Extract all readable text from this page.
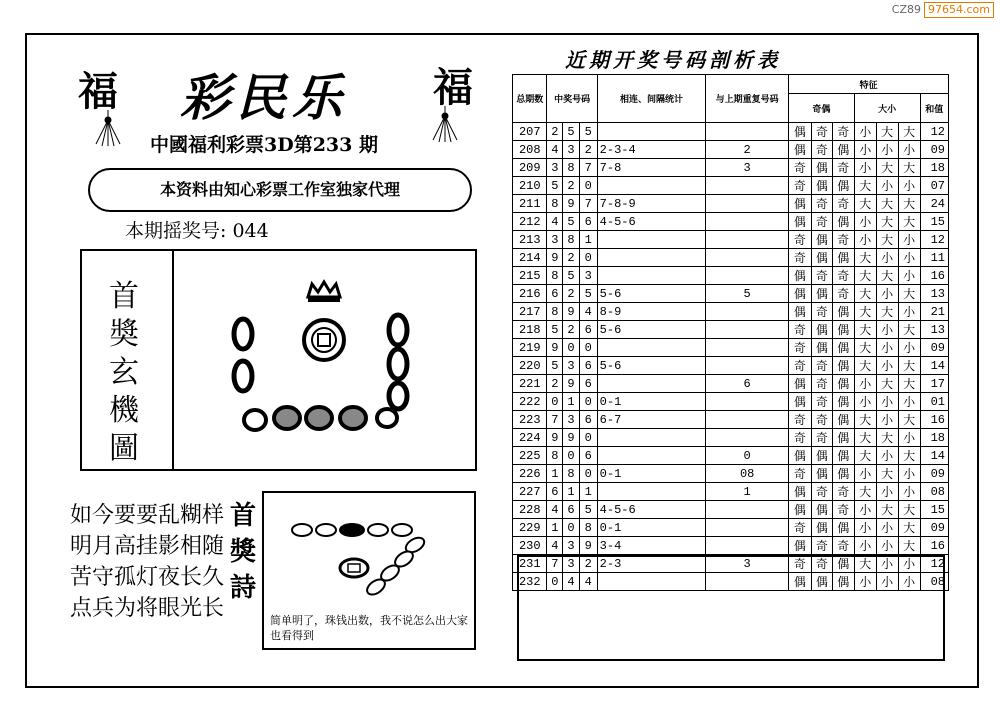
CZ89 97654.com
福	福
彩民乐
中國福利彩票3D第233 期
本资料由知心彩票工作室独家代理
本期摇奖号: 044
首
奬
玄
機
圖
如今要要乱糊样
明月高挂影相随
苦守孤灯夜长久
点兵为将眼光长
首
獎
詩
简单明了，珠钱出数，我不说怎么出大家也看得到
近期开奖号码剖析表
总期数	中奖号码			相连、间隔统计	与上期重复号码	特征						
						奇偶			大小			和值

207	2	5	5			偶	奇	奇	小	大	大	12
208	4	3	2	2-3-4	2	偶	奇	偶	小	小	小	09
209	3	8	7	7-8	3	奇	偶	奇	小	大	大	18
210	5	2	0			奇	偶	偶	大	小	小	07
211	8	9	7	7-8-9		偶	奇	奇	大	大	大	24
212	4	5	6	4-5-6		偶	奇	偶	小	大	大	15
213	3	8	1			奇	偶	奇	小	大	小	12
214	9	2	0			奇	偶	偶	大	小	小	11
215	8	5	3			偶	奇	奇	大	大	小	16
216	6	2	5	5-6	5	偶	偶	奇	大	小	大	13
217	8	9	4	8-9		偶	奇	偶	大	大	小	21
218	5	2	6	5-6		奇	偶	偶	大	小	大	13
219	9	0	0			奇	偶	偶	大	小	小	09
220	5	3	6	5-6		奇	奇	偶	大	小	大	14
221	2	9	6		6	偶	奇	偶	小	大	大	17
222	0	1	0	0-1		偶	奇	偶	小	小	小	01
223	7	3	6	6-7		奇	奇	偶	大	小	大	16
224	9	9	0			奇	奇	偶	大	大	小	18
225	8	0	6		0	偶	偶	偶	大	小	大	14
226	1	8	0	0-1	08	奇	偶	偶	小	大	小	09
227	6	1	1		1	偶	奇	奇	大	小	小	08
228	4	6	5	4-5-6		偶	偶	奇	小	大	大	15
229	1	0	8	0-1		奇	偶	偶	小	小	大	09
230	4	3	9	3-4		偶	奇	奇	小	小	大	16
231	7	3	2	2-3	3	奇	奇	偶	大	小	小	12
232	0	4	4			偶	偶	偶	小	小	小	08
